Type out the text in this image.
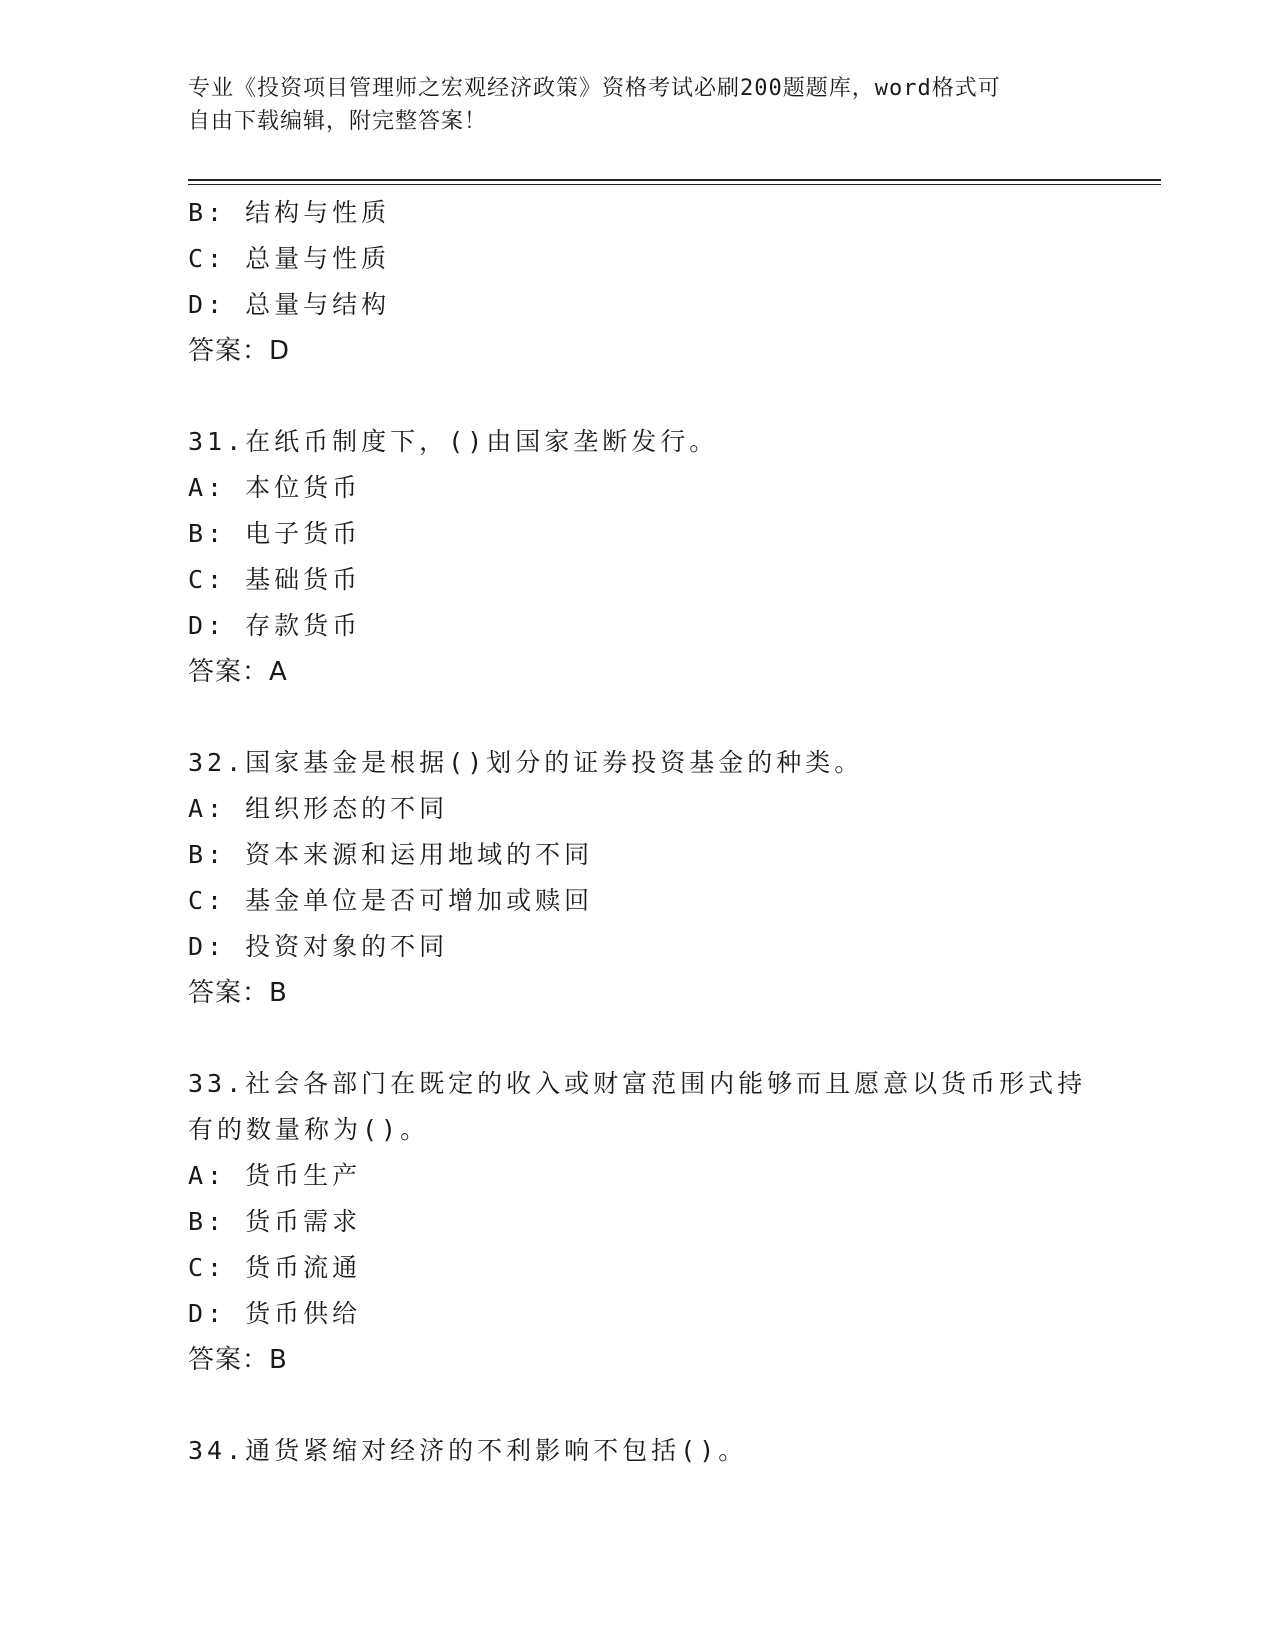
专业《投资项目管理师之宏观经济政策》资格考试必刷200题题库，word格式可
自由下载编辑，附完整答案！
B: 结构与性质
C: 总量与性质
D: 总量与结构
答案：D
31.在纸币制度下，()由国家垄断发行。
A: 本位货币
B: 电子货币
C: 基础货币
D: 存款货币
答案：A
32.国家基金是根据()划分的证券投资基金的种类。
A: 组织形态的不同
B: 资本来源和运用地域的不同
C: 基金单位是否可增加或赎回
D: 投资对象的不同
答案：B
33.社会各部门在既定的收入或财富范围内能够而且愿意以货币形式持
有的数量称为()。
A: 货币生产
B: 货币需求
C: 货币流通
D: 货币供给
答案：B
34.通货紧缩对经济的不利影响不包括()。
